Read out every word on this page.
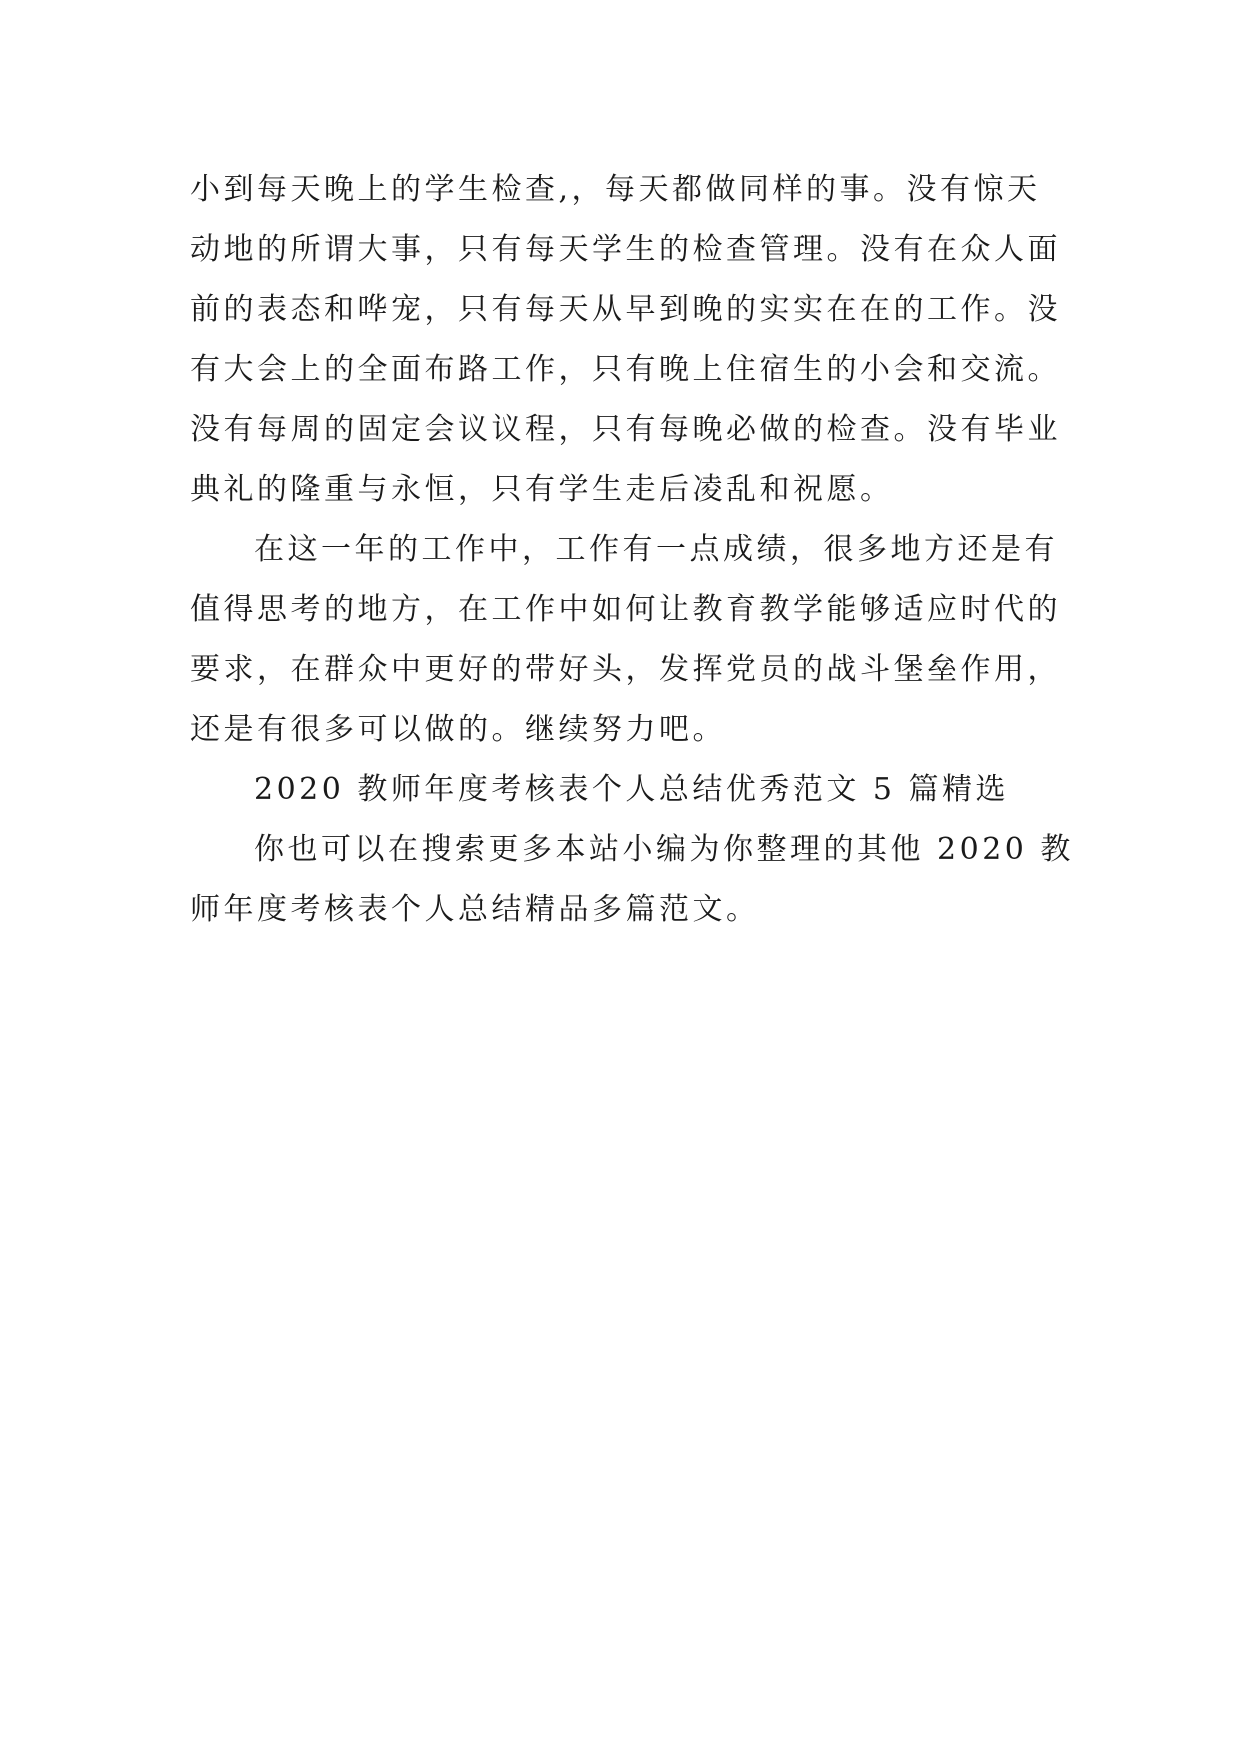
小到每天晚上的学生检查,，每天都做同样的事。没有惊天
动地的所谓大事，只有每天学生的检查管理。没有在众人面
前的表态和哗宠，只有每天从早到晚的实实在在的工作。没
有大会上的全面布路工作，只有晚上住宿生的小会和交流。
没有每周的固定会议议程，只有每晚必做的检查。没有毕业
典礼的隆重与永恒，只有学生走后凌乱和祝愿。
在这一年的工作中，工作有一点成绩，很多地方还是有
值得思考的地方，在工作中如何让教育教学能够适应时代的
要求，在群众中更好的带好头，发挥党员的战斗堡垒作用，
还是有很多可以做的。继续努力吧。
2020 教师年度考核表个人总结优秀范文 5 篇精选
你也可以在搜索更多本站小编为你整理的其他 2020 教
师年度考核表个人总结精品多篇范文。
